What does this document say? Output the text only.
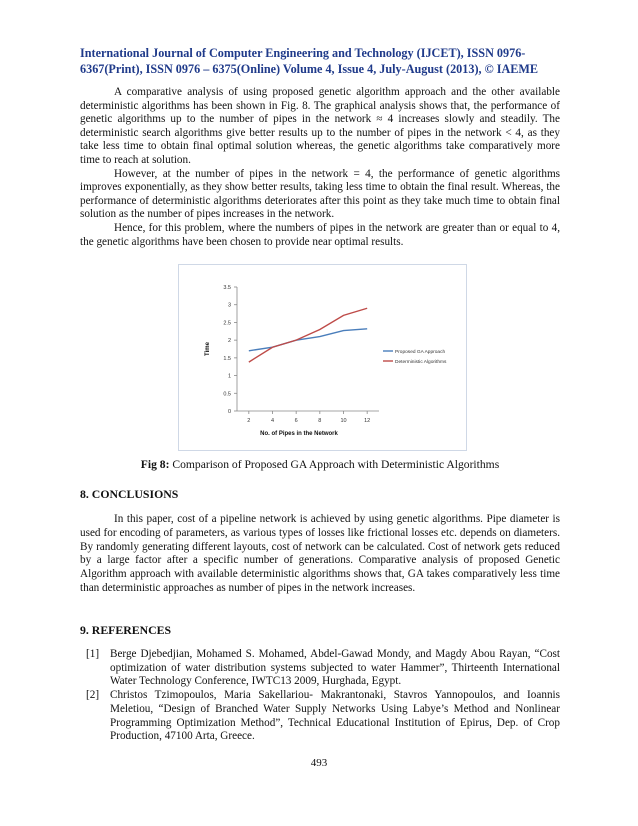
International Journal of Computer Engineering and Technology (IJCET), ISSN 0976-
6367(Print), ISSN 0976 – 6375(Online) Volume 4, Issue 4, July-August (2013), © IAEME

A comparative analysis of using proposed genetic algorithm approach and the other available deterministic algorithms has been shown in Fig. 8. The graphical analysis shows that, the performance of genetic algorithms up to the number of pipes in the network ≈ 4 increases slowly and steadily. The deterministic search algorithms give better results up to the number of pipes in the network < 4, as they take less time to obtain final optimal solution whereas, the genetic algorithms take comparatively more time to reach at solution.

However, at the number of pipes in the network = 4, the performance of genetic algorithms improves exponentially, as they show better results, taking less time to obtain the final result. Whereas, the performance of deterministic algorithms deteriorates after this point as they take much time to obtain final solution as the number of pipes increases in the network.

Hence, for this problem, where the numbers of pipes in the network are greater than or equal to 4, the genetic algorithms have been chosen to provide near optimal results.

0
0.5
1
1.5
2
2.5
3
3.5
2	4	6	8	10	12
No. of Pipes in the Network
Time	Proposed GA Approach
Deterministic Algorithms
Fig 8: Comparison of Proposed GA Approach with Deterministic Algorithms
8. CONCLUSIONS

In this paper, cost of a pipeline network is achieved by using genetic algorithms. Pipe diameter is used for encoding of parameters, as various types of losses like frictional losses etc. depends on diameters. By randomly generating different layouts, cost of network can be calculated. Cost of network gets reduced by a large factor after a specific number of generations. Comparative analysis of proposed Genetic Algorithm approach with available deterministic algorithms shows that, GA takes comparatively less time than deterministic approaches as number of pipes in the network increases.

9. REFERENCES
[1] Berge Djebedjian, Mohamed S. Mohamed, Abdel-Gawad Mondy, and Magdy Abou Rayan, “Cost optimization of water distribution systems subjected to water Hammer”, Thirteenth International Water Technology Conference, IWTC13 2009, Hurghada, Egypt.
[2] Christos Tzimopoulos, Maria Sakellariou- Makrantonaki, Stavros Yannopoulos, and Ioannis Meletiou, “Design of Branched Water Supply Networks Using Labye’s Method and Nonlinear Programming Optimization Method”, Technical Educational Institution of Epirus, Dep. of Crop Production, 47100 Arta, Greece.
493
